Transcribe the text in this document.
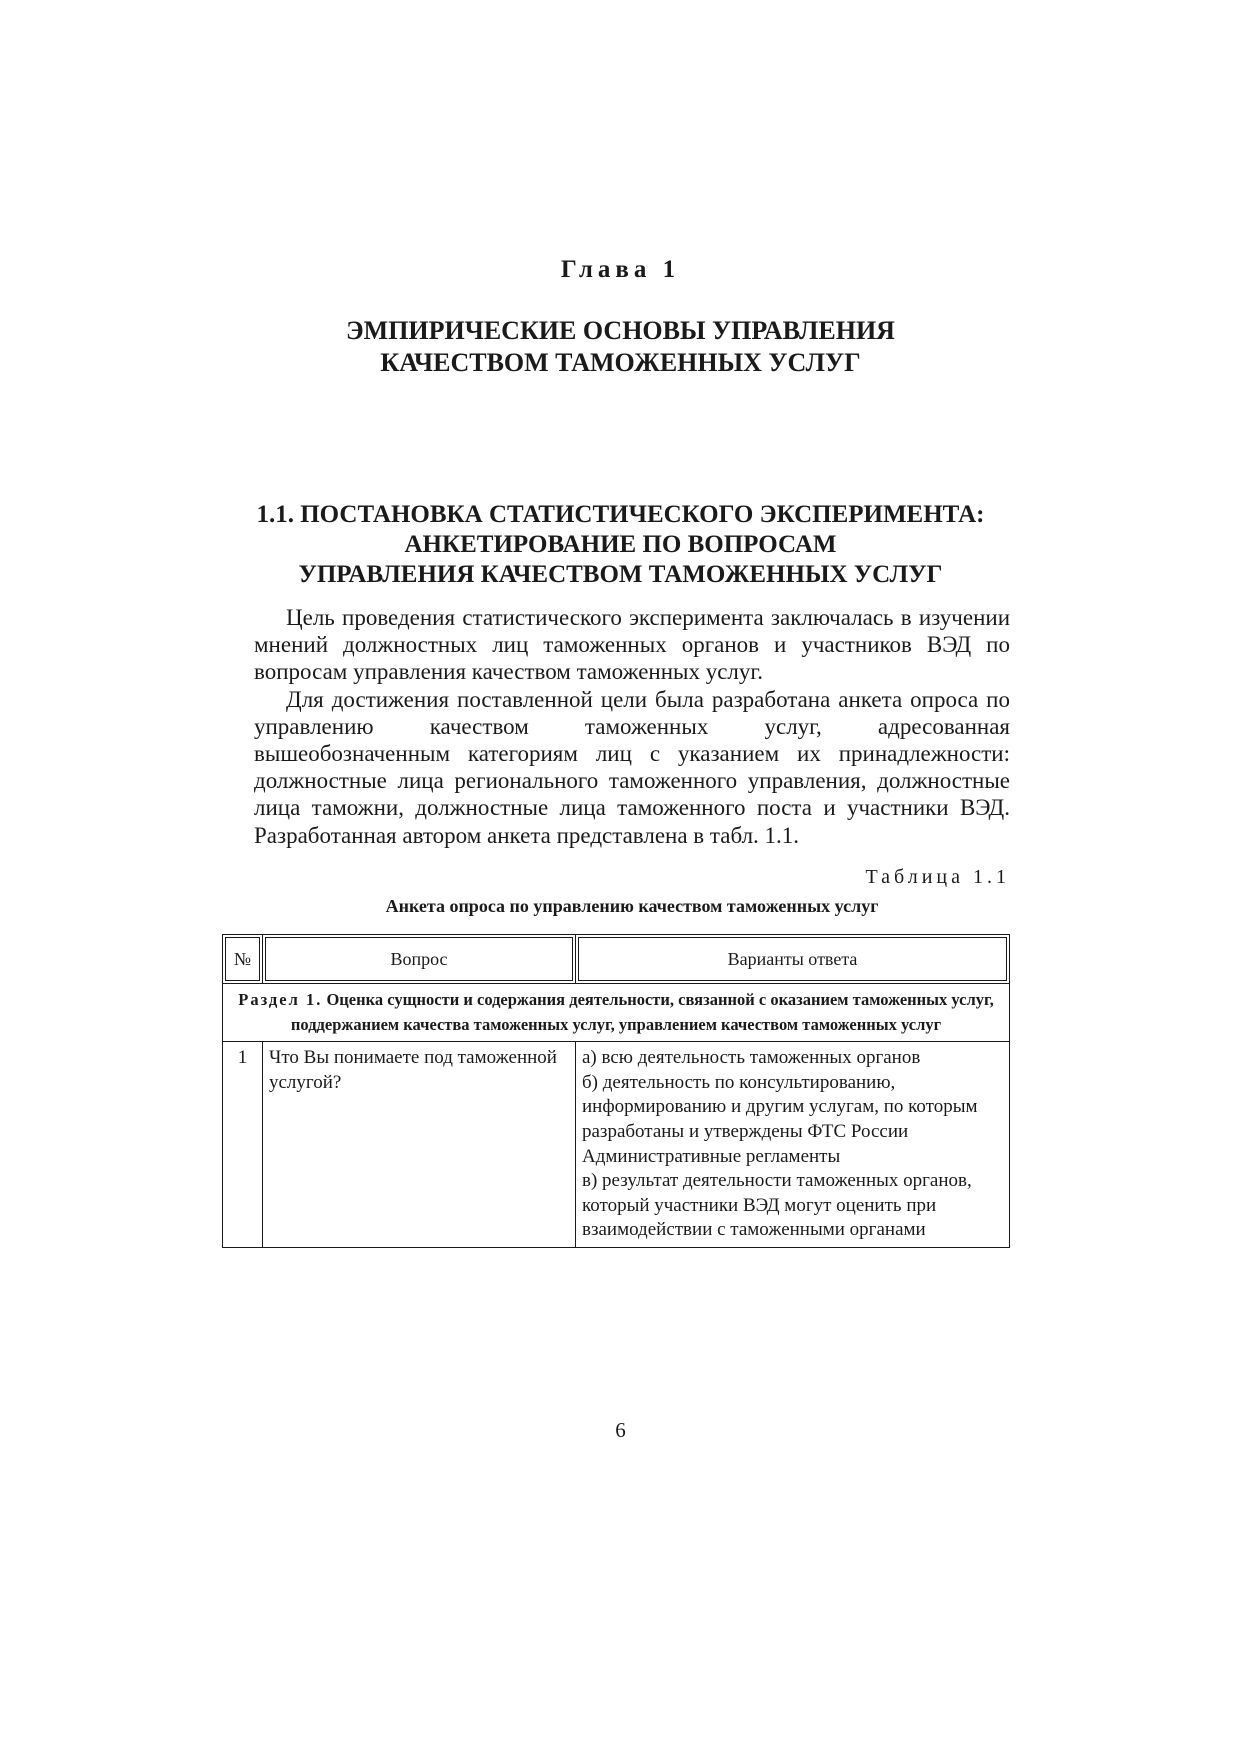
Глава 1
ЭМПИРИЧЕСКИЕ ОСНОВЫ УПРАВЛЕНИЯ
КАЧЕСТВОМ ТАМОЖЕННЫХ УСЛУГ
1.1. ПОСТАНОВКА СТАТИСТИЧЕСКОГО ЭКСПЕРИМЕНТА:
АНКЕТИРОВАНИЕ ПО ВОПРОСАМ
УПРАВЛЕНИЯ КАЧЕСТВОМ ТАМОЖЕННЫХ УСЛУГ

Цель проведения статистического эксперимента заключалась в изучении мнений должностных лиц таможенных органов и участников ВЭД по вопросам управления качеством таможенных услуг.

Для достижения поставленной цели была разработана анкета опроса по управлению качеством таможенных услуг, адресованная вышеобозначенным категориям лиц с указанием их принадлежности: должностные лица регионального таможенного управления, должностные лица таможни, должностные лица таможенного поста и участники ВЭД. Разработанная автором анкета представлена в табл. 1.1.

Таблица 1.1
Анкета опроса по управлению качеством таможенных услуг
№	Вопрос	Варианты ответа
Раздел 1. Оценка сущности и содержания деятельности, связанной с оказанием таможенных услуг, поддержанием качества таможенных услуг, управлением качеством таможенных услуг		
1	Что Вы понимаете под таможенной услугой?	а) всю деятельность таможенных органов
б) деятельность по консультированию, информированию и другим услугам, по которым разработаны и утверждены ФТС России Административные регламенты
в) результат деятельности таможенных органов, который участники ВЭД могут оценить при взаимодействии с таможенными органами
6
